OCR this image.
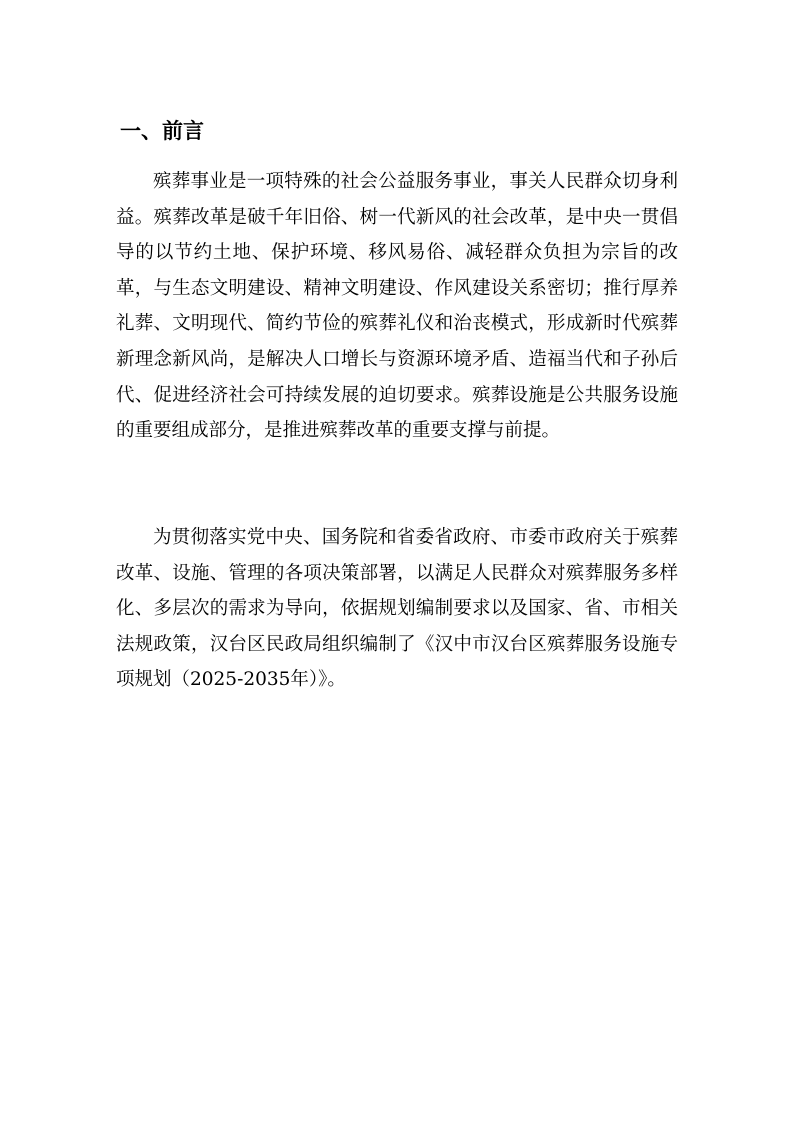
一、前言

殡葬事业是一项特殊的社会公益服务事业，事关人民群众切身利益。殡葬改革是破千年旧俗、树一代新风的社会改革，是中央一贯倡导的以节约土地、保护环境、移风易俗、减轻群众负担为宗旨的改革，与生态文明建设、精神文明建设、作风建设关系密切；推行厚养礼葬、文明现代、简约节俭的殡葬礼仪和治丧模式，形成新时代殡葬新理念新风尚，是解决人口增长与资源环境矛盾、造福当代和子孙后代、促进经济社会可持续发展的迫切要求。殡葬设施是公共服务设施的重要组成部分，是推进殡葬改革的重要支撑与前提。

为贯彻落实党中央、国务院和省委省政府、市委市政府关于殡葬改革、设施、管理的各项决策部署，以满足人民群众对殡葬服务多样化、多层次的需求为导向，依据规划编制要求以及国家、省、市相关法规政策，汉台区民政局组织编制了《汉中市汉台区殡葬服务设施专项规划（2025-2035年）》。
